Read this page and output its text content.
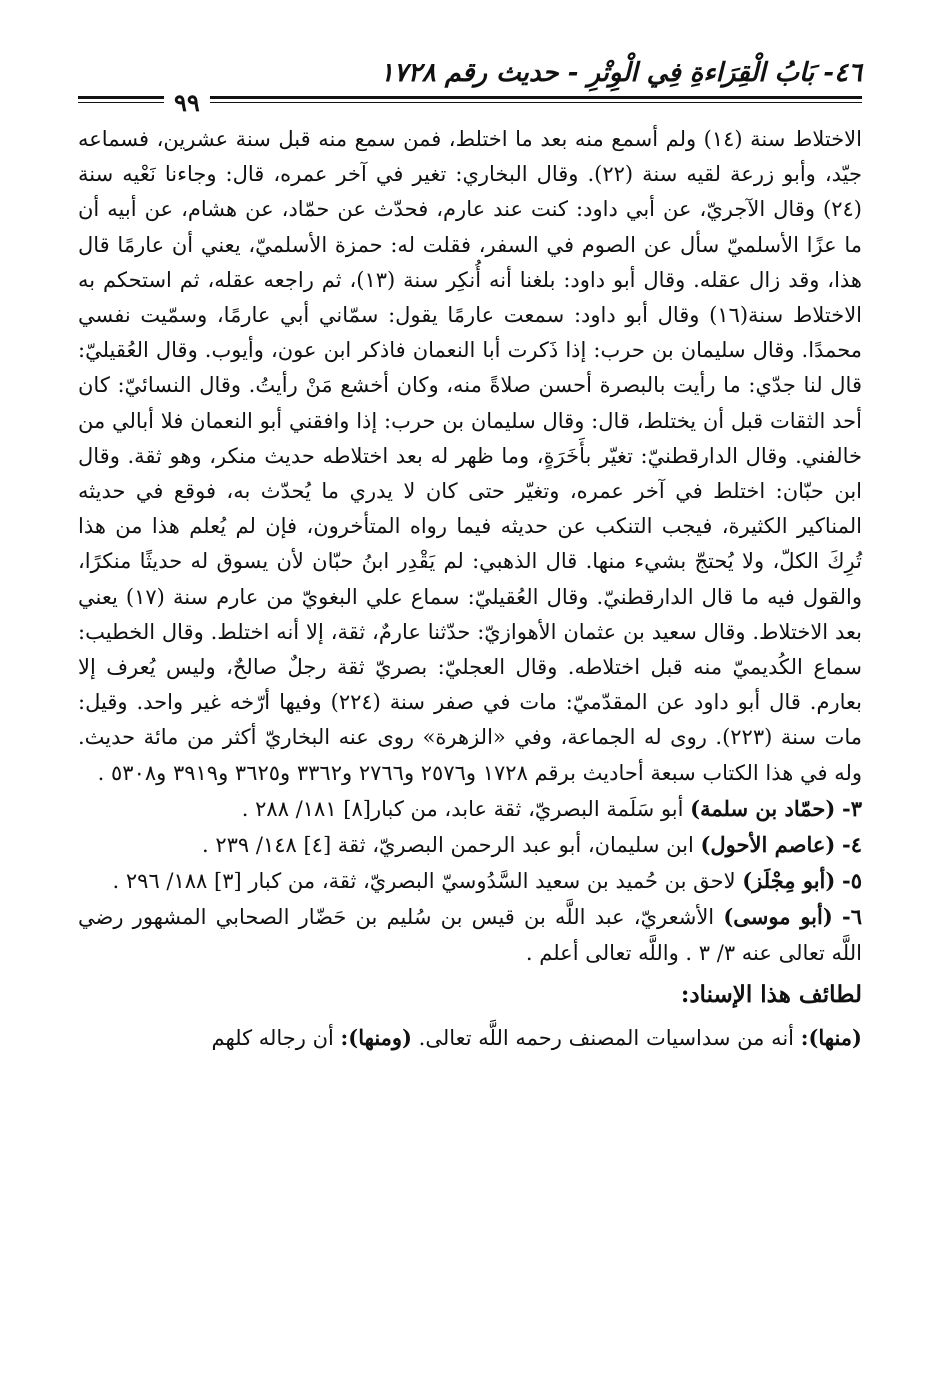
٤٦- بَابُ الْقِرَاءةِ فِي الْوِتْرِ - حديث رقم ١٧٢٨
٩٩

الاختلاط سنة (١٤) ولم أسمع منه بعد ما اختلط، فمن سمع منه قبل سنة عشرين، فسماعه جيّد، وأبو زرعة لقيه سنة (٢٢). وقال البخاري: تغير في آخر عمره، قال: وجاءنا نَعْيه سنة (٢٤) وقال الآجريّ، عن أبي داود: كنت عند عارم، فحدّث عن حمّاد، عن هشام، عن أبيه أن ما عزًا الأسلميّ سأل عن الصوم في السفر، فقلت له: حمزة الأسلميّ، يعني أن عارمًا قال هذا، وقد زال عقله. وقال أبو داود: بلغنا أنه أُنكِر سنة (١٣)، ثم راجعه عقله، ثم استحكم به الاختلاط سنة(١٦) وقال أبو داود: سمعت عارمًا يقول: سمّاني أبي عارمًا، وسمّيت نفسي محمدًا. وقال سليمان بن حرب: إذا ذَكرت أبا النعمان فاذكر ابن عون، وأيوب. وقال العُقيليّ: قال لنا جدّي: ما رأيت بالبصرة أحسن صلاةً منه، وكان أخشع مَنْ رأيتُ. وقال النسائيّ: كان أحد الثقات قبل أن يختلط، قال: وقال سليمان بن حرب: إذا وافقني أبو النعمان فلا أبالي من خالفني. وقال الدارقطنيّ: تغيّر بأَخَرَةٍ، وما ظهر له بعد اختلاطه حديث منكر، وهو ثقة. وقال ابن حبّان: اختلط في آخر عمره، وتغيّر حتى كان لا يدري ما يُحدّث به، فوقع في حديثه المناكير الكثيرة، فيجب التنكب عن حديثه فيما رواه المتأخرون، فإن لم يُعلم هذا من هذا تُرِكَ الكلّ، ولا يُحتجّ بشيء منها. قال الذهبي: لم يَقْدِر ابنُ حبّان لأن يسوق له حديثًا منكرًا، والقول فيه ما قال الدارقطنيّ. وقال العُقيليّ: سماع علي البغويّ من عارم سنة (١٧) يعني بعد الاختلاط. وقال سعيد بن عثمان الأهوازيّ: حدّثنا عارمٌ، ثقة، إلا أنه اختلط. وقال الخطيب: سماع الكُديميّ منه قبل اختلاطه. وقال العجليّ: بصريّ ثقة رجلٌ صالحٌ، وليس يُعرف إلا بعارم. قال أبو داود عن المقدّميّ: مات في صفر سنة (٢٢٤) وفيها أرّخه غير واحد. وقيل: مات سنة (٢٢٣). روى له الجماعة، وفي «الزهرة» روى عنه البخاريّ أكثر من مائة حديث. وله في هذا الكتاب سبعة أحاديث برقم ١٧٢٨ و٢٥٧٦ و٢٧٦٦ و٣٣٦٢ و٣٦٢٥ و٣٩١٩ و٥٣٠٨ .

٣- (حمّاد بن سلمة) أبو سَلَمة البصريّ، ثقة عابد، من كبار[٨] ١٨١/ ٢٨٨ .

٤- (عاصم الأحول) ابن سليمان، أبو عبد الرحمن البصريّ، ثقة [٤] ١٤٨/ ٢٣٩ .

٥- (أبو مِجْلَز) لاحق بن حُميد بن سعيد السَّدُوسيّ البصريّ، ثقة، من كبار [٣] ١٨٨/ ٢٩٦ .

٦- (أبو موسى) الأشعريّ، عبد اللَّه بن قيس بن سُليم بن حَضّار الصحابي المشهور رضي اللَّه تعالى عنه ٣/ ٣ . واللَّه تعالى أعلم .

لطائف هذا الإسناد:

(منها): أنه من سداسيات المصنف رحمه اللَّه تعالى. (ومنها): أن رجاله كلهم
